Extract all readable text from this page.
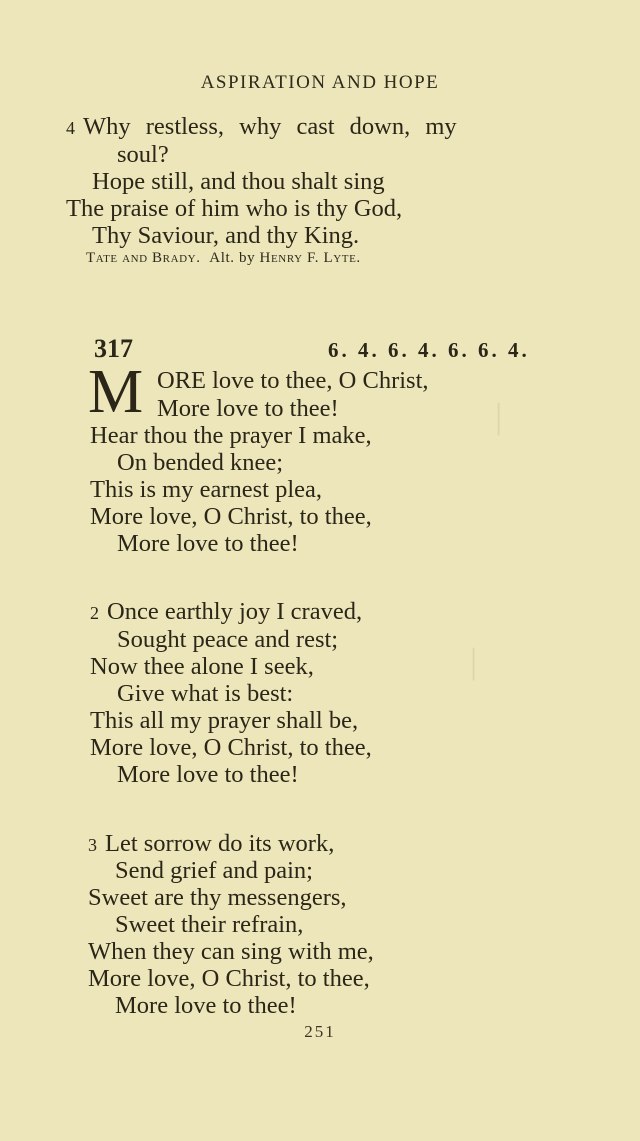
|
|
ASPIRATION AND HOPE
4 Why restless, why cast down, my
soul?
Hope still, and thou shalt sing
The praise of him who is thy God,
Thy Saviour, and thy King.
Tate and Brady. Alt. by Henry F. Lyte.
317	6. 4. 6. 4. 6. 6. 4.
M ORE love to thee, O Christ,
More love to thee!
Hear thou the prayer I make,
On bended knee;
This is my earnest plea,
More love, O Christ, to thee,
More love to thee!
2 Once earthly joy I craved,
Sought peace and rest;
Now thee alone I seek,
Give what is best:
This all my prayer shall be,
More love, O Christ, to thee,
More love to thee!
3 Let sorrow do its work,
Send grief and pain;
Sweet are thy messengers,
Sweet their refrain,
When they can sing with me,
More love, O Christ, to thee,
More love to thee!
251
